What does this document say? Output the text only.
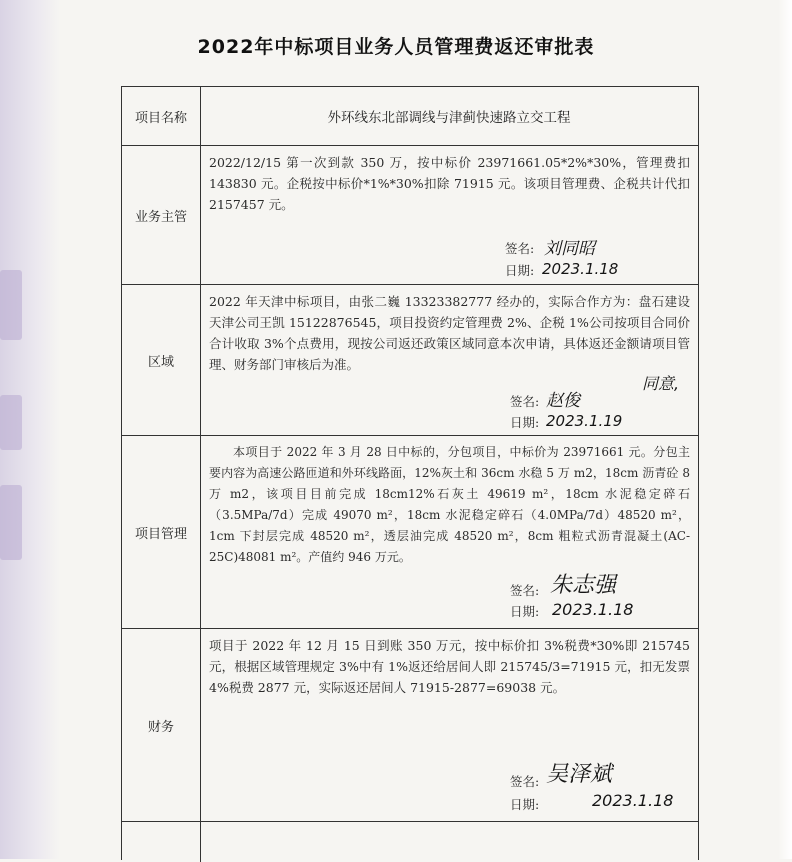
2022年中标项目业务人员管理费返还审批表
项目名称	外环线东北部调线与津蓟快速路立交工程
业务主管
2022/12/15 第一次到款 350 万，按中标价 23971661.05*2%*30%，管理费扣 143830 元。企税按中标价*1%*30%扣除 71915 元。该项目管理费、企税共计代扣 2157457 元。
签名: 刘同昭
日期: 2023.1.18
区域
2022 年天津中标项目，由张二巍 13323382777 经办的，实际合作方为：盘石建设天津公司王凯 15122876545，项目投资约定管理费 2%、企税 1%公司按项目合同价合计收取 3%个点费用，现按公司返还政策区域同意本次申请，具体返还金额请项目管理、财务部门审核后为准。
同意,
签名: 赵俊
日期: 2023.1.19
项目管理
本项目于 2022 年 3 月 28 日中标的，分包项目，中标价为 23971661 元。分包主要内容为高速公路匝道和外环线路面，12%灰土和 36cm 水稳 5 万 m2，18cm 沥青砼 8 万 m2，该项目目前完成 18cm12%石灰土 49619 m²，18cm 水泥稳定碎石（3.5MPa/7d）完成 49070 m²，18cm 水泥稳定碎石（4.0MPa/7d）48520 m²，1cm 下封层完成 48520 m²，透层油完成 48520 m²，8cm 粗粒式沥青混凝土(AC-25C)48081 m²。产值约 946 万元。
签名: 朱志强
日期: 2023.1.18
财务
项目于 2022 年 12 月 15 日到账 350 万元，按中标价扣 3%税费*30%即 215745 元，根据区域管理规定 3%中有 1%返还给居间人即 215745/3=71915 元，扣无发票 4%税费 2877 元，实际返还居间人 71915-2877=69038 元。
签名: 吴泽斌
日期:	2023.1.18
